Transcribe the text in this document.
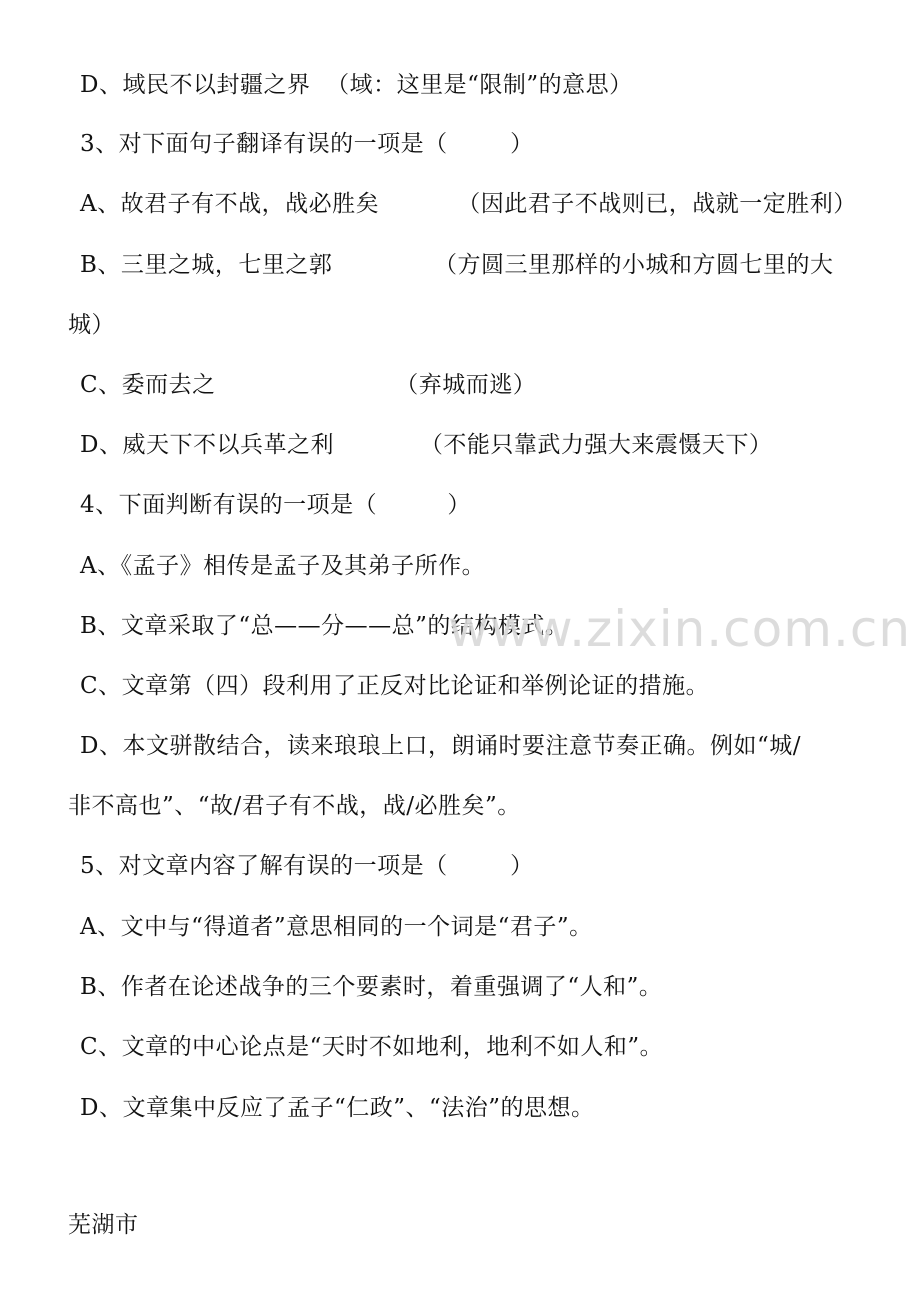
D、域民不以封疆之界  （域：这里是“限制”的意思）
3、对下面句子翻译有误的一项是（        ）
A、故君子有不战，战必胜矣          （因此君子不战则已，战就一定胜利）
B、三里之城，七里之郭             （方圆三里那样的小城和方圆七里的大
城）
C、委而去之                       （弃城而逃）
D、威天下不以兵革之利           （不能只靠武力强大来震慑天下）
4、下面判断有误的一项是（         ）
A、《孟子》相传是孟子及其弟子所作。
B、文章采取了“总——分——总”的结构模式。
C、文章第（四）段利用了正反对比论证和举例论证的措施。
D、本文骈散结合，读来琅琅上口，朗诵时要注意节奏正确。例如“城/
非不高也”、“故/君子有不战，战/必胜矣”。
5、对文章内容了解有误的一项是（        ）
A、文中与“得道者”意思相同的一个词是“君子”。
B、作者在论述战争的三个要素时，着重强调了“人和”。
C、文章的中心论点是“天时不如地利，地利不如人和”。
D、文章集中反应了孟子“仁政”、“法治”的思想。
芜湖市
www.zixin.com.cn
